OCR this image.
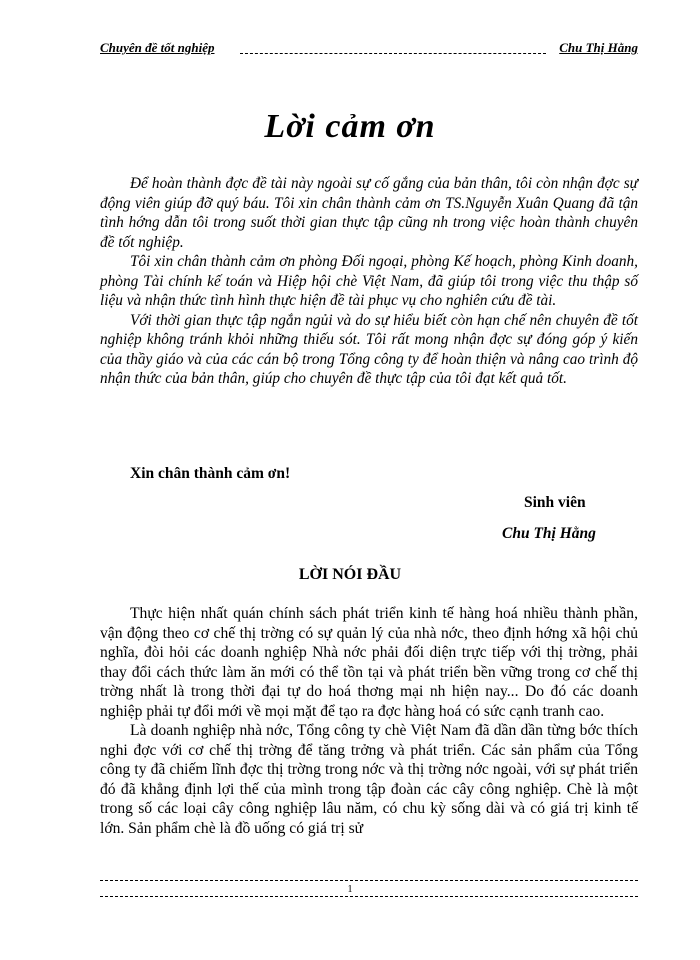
Chuyên đề tốt nghiệp	Chu Thị Hằng
Lời cảm ơn

Để hoàn thành đợc đề tài này ngoài sự cố gắng của bản thân, tôi còn nhận đợc sự động viên giúp đỡ quý báu. Tôi xin chân thành cảm ơn TS.Nguyễn Xuân Quang đã tận tình hớng dẫn tôi trong suốt thời gian thực tập cũng nh trong việc hoàn thành chuyên đề tốt nghiệp.

Tôi xin chân thành cảm ơn phòng Đối ngoại, phòng Kế hoạch, phòng Kinh doanh, phòng Tài chính kế toán và Hiệp hội chè Việt Nam, đã giúp tôi trong việc thu thập số liệu và nhận thức tình hình thực hiện đề tài phục vụ cho nghiên cứu đề tài.

Với thời gian thực tập ngắn ngủi và do sự hiểu biết còn hạn chế nên chuyên đề tốt nghiệp không tránh khỏi những thiếu sót. Tôi rất mong nhận đợc sự đóng góp ý kiến của thầy giáo và của các cán bộ trong Tổng công ty để hoàn thiện và nâng cao trình độ nhận thức của bản thân, giúp cho chuyên đề thực tập của tôi đạt kết quả tốt.

Xin chân thành cảm ơn!
Sinh viên
Chu Thị Hằng
LỜI NÓI ĐẦU

Thực hiện nhất quán chính sách phát triển kinh tế hàng hoá nhiều thành phần, vận động theo cơ chế thị trờng có sự quản lý của nhà nớc, theo định hớng xã hội chủ nghĩa, đòi hỏi các doanh nghiệp Nhà nớc phải đối diện trực tiếp với thị trờng, phải thay đổi cách thức làm ăn mới có thể tồn tại và phát triển bền vững trong cơ chế thị trờng nhất là trong thời đại tự do hoá thơng mại nh hiện nay... Do đó các doanh nghiệp phải tự đổi mới về mọi mặt để tạo ra đợc hàng hoá có sức cạnh tranh cao.

Là doanh nghiệp nhà nớc, Tổng công ty chè Việt Nam đã dần dần từng bớc thích nghi đợc với cơ chế thị trờng để tăng trởng và phát triển. Các sản phẩm của Tổng công ty đã chiếm lĩnh đợc thị trờng trong nớc và thị trờng nớc ngoài, với sự phát triển đó đã khẳng định lợi thế của mình trong tập đoàn các cây công nghiệp. Chè là một trong số các loại cây công nghiệp lâu năm, có chu kỳ sống dài và có giá trị kinh tế lớn. Sản phẩm chè là đồ uống có giá trị sử

1
